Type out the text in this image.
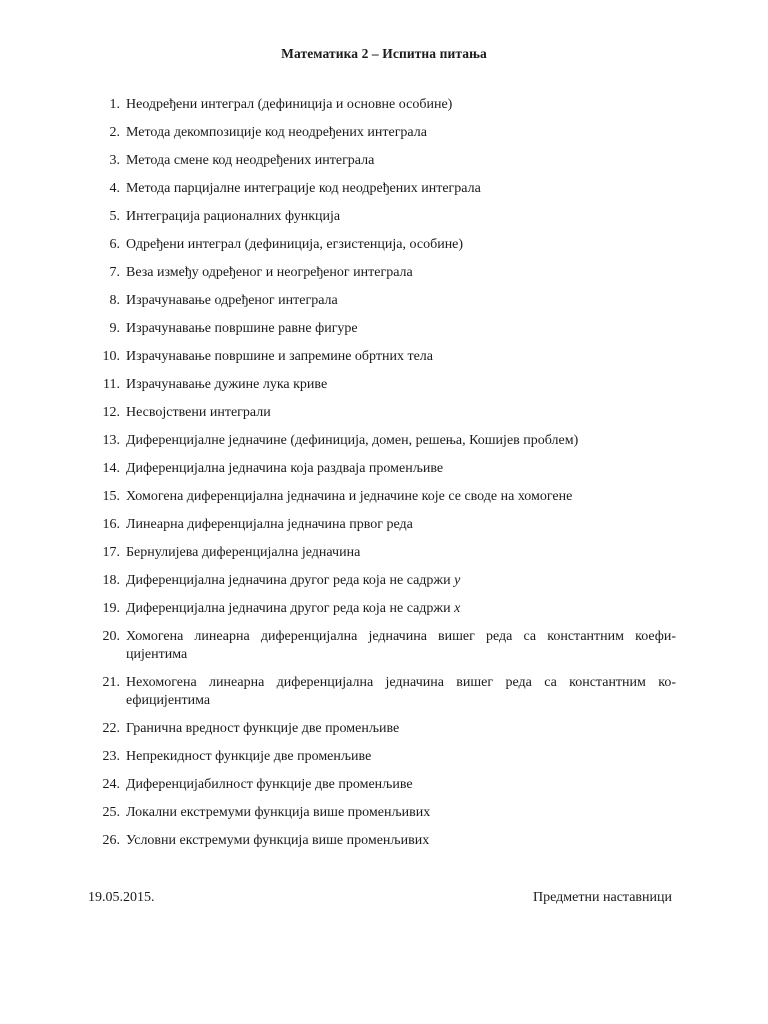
Математика 2 – Испитна питања
1. Неодређени интеграл (дефиниција и основне особине)
2. Метода декомпозиције код неодређених интеграла
3. Метода смене код неодређених интеграла
4. Метода парцијалне интеграције код неодређених интеграла
5. Интеграција рационалних функција
6. Одређени интеграл (дефиниција, егзистенција, особине)
7. Веза између одређеног и неогређеног интеграла
8. Израчунавање одређеног интеграла
9. Израчунавање површине равне фигуре
10. Израчунавање површине и запремине обртних тела
11. Израчунавање дужине лука криве
12. Несвојствени интеграли
13. Диференцијалне једначине (дефиниција, домен, решења, Кошијев проблем)
14. Диференцијална једначина која раздваја променљиве
15. Хомогена диференцијална једначина и једначине које се своде на хомогене
16. Линеарна диференцијална једначина првог реда
17. Бернулијева диференцијална једначина
18. Диференцијална једначина другог реда која не садржи y
19. Диференцијална једначина другог реда која не садржи x
20. Хомогена линеарна диференцијална једначина вишег реда са константним коефи-цијентима
21. Нехомогена линеарна диференцијална једначина вишег реда са константним ко-ефицијентима
22. Гранична вредност функције две променљиве
23. Непрекидност функције две променљиве
24. Диференцијабилност функције две променљиве
25. Локални екстремуми функција више променљивих
26. Условни екстремуми функција више променљивих
19.05.2015.	Предметни наставници
